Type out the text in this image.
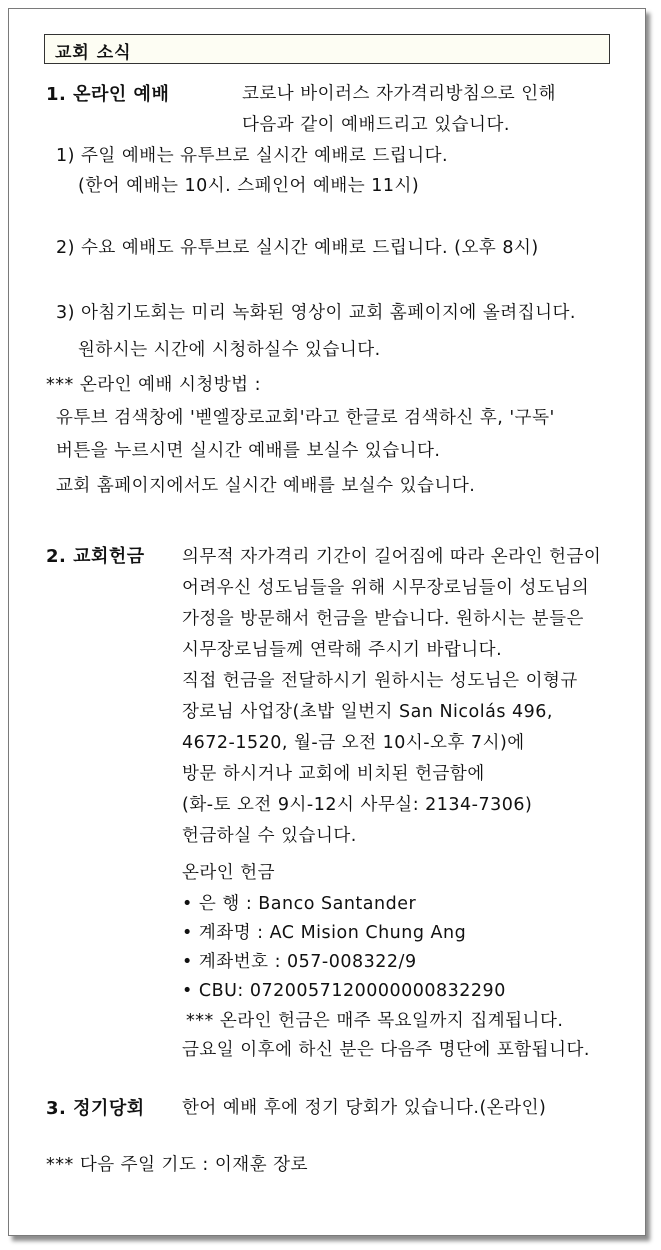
교회 소식
1. 온라인 예배	코로나 바이러스 자가격리방침으로 인해
다음과 같이 예배드리고 있습니다.
1) 주일 예배는 유투브로 실시간 예배로 드립니다.
(한어 예배는 10시. 스페인어 예배는 11시)
2) 수요 예배도 유투브로 실시간 예배로 드립니다. (오후 8시)
3) 아침기도회는 미리 녹화된 영상이 교회 홈페이지에 올려집니다.
원하시는 시간에 시청하실수 있습니다.
*** 온라인 예배 시청방법 :
유투브 검색창에 '벧엘장로교회'라고 한글로 검색하신 후, '구독'
버튼을 누르시면 실시간 예배를 보실수 있습니다.
교회 홈페이지에서도 실시간 예배를 보실수 있습니다.
2. 교회헌금 의무적 자가격리 기간이 길어짐에 따라 온라인 헌금이
어려우신 성도님들을 위해 시무장로님들이 성도님의
가정을 방문해서 헌금을 받습니다. 원하시는 분들은
시무장로님들께 연락해 주시기 바랍니다.
직접 헌금을 전달하시기 원하시는 성도님은 이형규
장로님 사업장(초밥 일번지 San Nicolás 496,
4672-1520, 월-금 오전 10시-오후 7시)에
방문 하시거나 교회에 비치된 헌금함에
(화-토 오전 9시-12시 사무실: 2134-7306)
헌금하실 수 있습니다.
온라인 헌금
• 은 행 : Banco Santander
• 계좌명 : AC Mision Chung Ang
• 계좌번호 : 057-008322/9
• CBU: 0720057120000000832290
*** 온라인 헌금은 매주 목요일까지 집계됩니다.
금요일 이후에 하신 분은 다음주 명단에 포함됩니다.
3. 정기당회 한어 예배 후에 정기 당회가 있습니다.(온라인)
*** 다음 주일 기도 : 이재훈 장로
